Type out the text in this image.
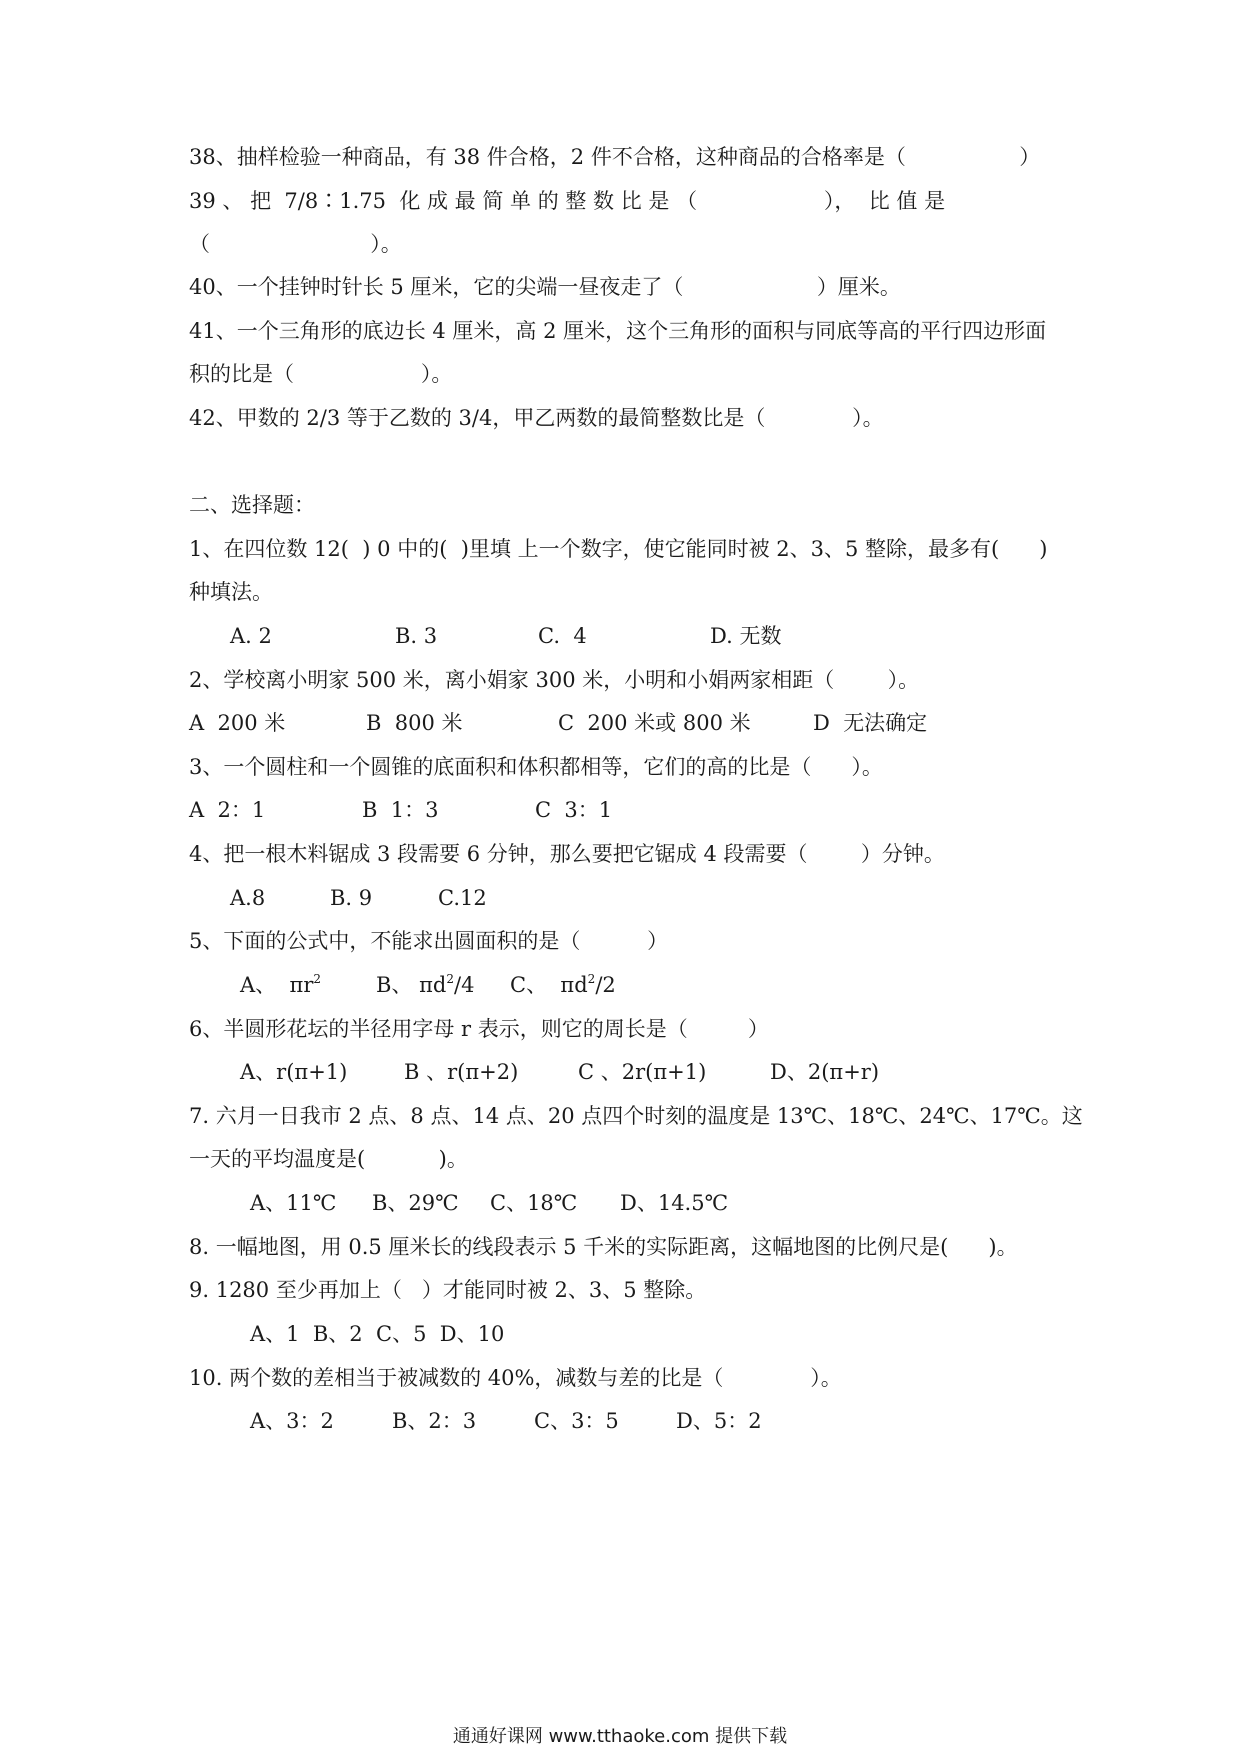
38、抽样检验一种商品，有 38 件合格，2 件不合格，这种商品的合格率是（                 ）
39 、 把  7/8∶1.75  化 成 最 简 单 的 整 数 比 是 （                   ），  比 值 是
（                        ）。
40、一个挂钟时针长 5 厘米，它的尖端一昼夜走了（                    ）厘米。
41、一个三角形的底边长 4 厘米，高 2 厘米，这个三角形的面积与同底等高的平行四边形面
积的比是（                   ）。
42、甲数的 2/3 等于乙数的 3/4，甲乙两数的最简整数比是（             ）。
二、选择题：
1、在四位数 12(  ) 0 中的(  )里填 上一个数字，使它能同时被 2、3、5 整除，最多有(      )
种填法。
A. 2	B. 3	C.  4	D. 无数
2、学校离小明家 500 米，离小娟家 300 米，小明和小娟两家相距（        ）。
A  200 米	B  800 米	C  200 米或 800 米	D  无法确定
3、一个圆柱和一个圆锥的底面积和体积都相等，它们的高的比是（      ）。
A  2：1	B  1：3	C  3：1
4、把一根木料锯成 3 段需要 6 分钟，那么要把它锯成 4 段需要（        ）分钟。
A.8	B. 9	C.12
5、下面的公式中，不能求出圆面积的是（          ）
A、  $\pi r^2$	B、 $\pi d^2/4$ C、  $\pi d^2/2$
6、半圆形花坛的半径用字母 r 表示，则它的周长是（         ）
A、r(π+1)	B 、r(π+2)	C 、2r(π+1)	D、2(π+r)
7. 六月一日我市 2 点、8 点、14 点、20 点四个时刻的温度是 13℃、18℃、24℃、17℃。这
一天的平均温度是(           )。
A、11℃ B、29℃ C、18℃ D、14.5℃
8. 一幅地图，用 0.5 厘米长的线段表示 5 千米的实际距离，这幅地图的比例尺是(      )。
9. 1280 至少再加上（   ）才能同时被 2、3、5 整除。
A、1  B、2  C、5  D、10
10. 两个数的差相当于被减数的 40%，减数与差的比是（             ）。
A、3：2	B、2：3	C、3：5	D、5：2
通通好课网 www.tthaoke.com 提供下载
